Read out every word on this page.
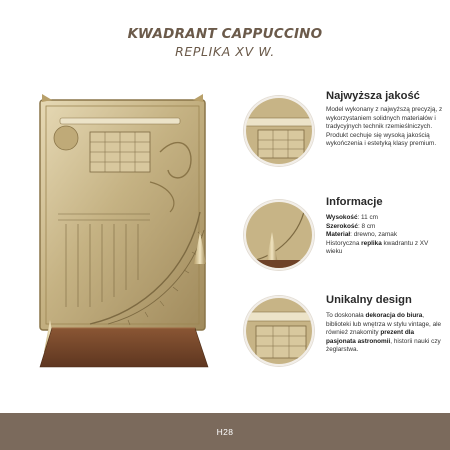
KWADRANT CAPPUCCINO
REPLIKA XV W.
Najwyższa jakość
Model wykonany z najwyższą precyzją, z wykorzystaniem solidnych materiałów i tradycyjnych technik rzemieślniczych. Produkt cechuje się wysoką jakością wykończenia i estetyką klasy premium.
Informacje
Wysokość: 11 cm
Szerokość: 8 cm
Materiał: drewno, zamak
Historyczna replika kwadrantu z XV wieku
Unikalny design
To doskonała dekoracja do biura, biblioteki lub wnętrza w stylu vintage, ale również znakomity prezent dla pasjonata astronomii, historii nauki czy żeglarstwa.
H28
